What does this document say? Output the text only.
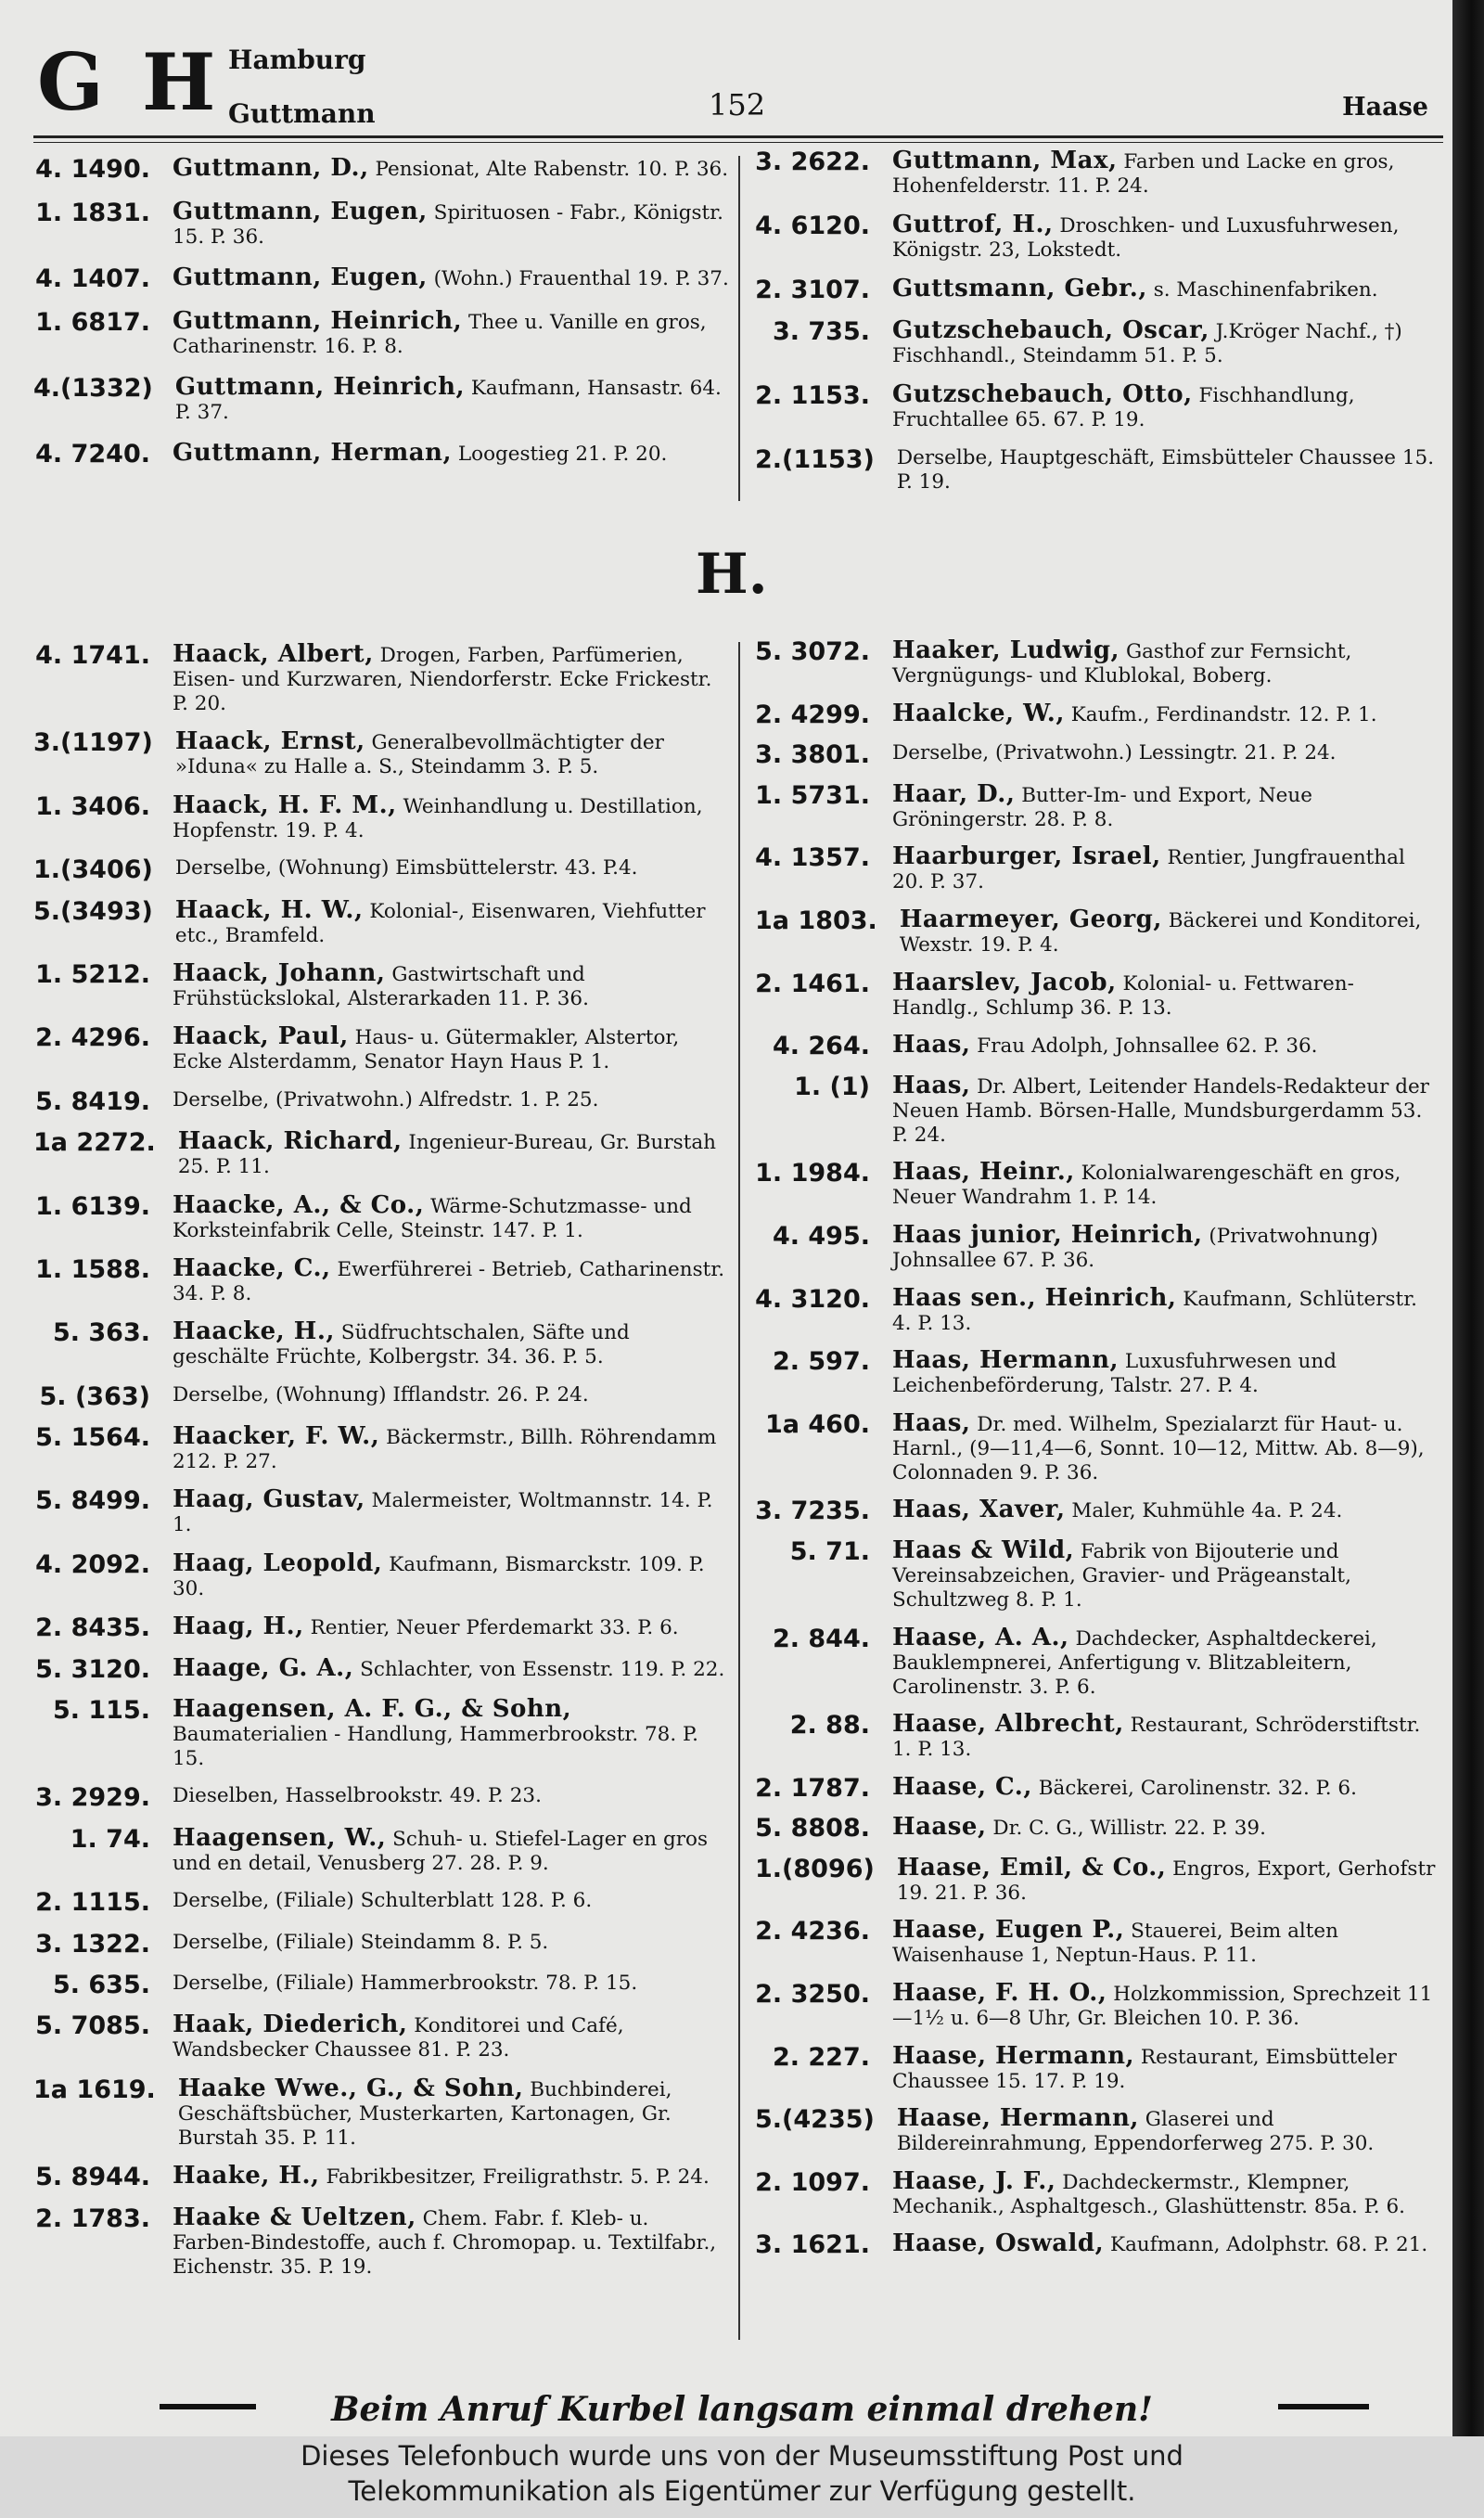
G H Hamburg
Guttmann	152	Haase
4. 1490. Guttmann, D., Pensionat, Alte Rabenstr. 10. P. 36.
1. 1831. Guttmann, Eugen, Spirituosen - Fabr., Königstr. 15. P. 36.
4. 1407. Guttmann, Eugen, (Wohn.) Frauenthal 19. P. 37.
1. 6817. Guttmann, Heinrich, Thee u. Vanille en gros, Catharinenstr. 16. P. 8.
4.(1332) Guttmann, Heinrich, Kaufmann, Hansastr. 64. P. 37.
4. 7240. Guttmann, Herman, Loogestieg 21. P. 20.
3. 2622. Guttmann, Max, Farben und Lacke en gros, Hohenfelderstr. 11. P. 24.
4. 6120. Guttrof, H., Droschken- und Luxusfuhrwesen, Königstr. 23, Lokstedt.
2. 3107. Guttsmann, Gebr., s. Maschinenfabriken.
3. 735. Gutzschebauch, Oscar, J.Kröger Nachf., †) Fischhandl., Steindamm 51. P. 5.
2. 1153. Gutzschebauch, Otto, Fischhandlung, Fruchtallee 65. 67. P. 19.
2.(1153)	Derselbe, Hauptgeschäft, Eimsbütteler Chaussee 15. P. 19.
H.
4. 1741. Haack, Albert, Drogen, Farben, Parfümerien, Eisen- und Kurzwaren, Niendorferstr. Ecke Frickestr. P. 20.
3.(1197) Haack, Ernst, Generalbevollmächtigter der »Iduna« zu Halle a. S., Steindamm 3. P. 5.
1. 3406. Haack, H. F. M., Weinhandlung u. Destillation, Hopfenstr. 19. P. 4.
1.(3406)	Derselbe, (Wohnung) Eimsbüttelerstr. 43. P.4.
5.(3493) Haack, H. W., Kolonial-, Eisenwaren, Viehfutter etc., Bramfeld.
1. 5212. Haack, Johann, Gastwirtschaft und Frühstückslokal, Alsterarkaden 11. P. 36.
2. 4296. Haack, Paul, Haus- u. Gütermakler, Alstertor, Ecke Alsterdamm, Senator Hayn Haus P. 1.
5. 8419.	Derselbe, (Privatwohn.) Alfredstr. 1. P. 25.
1a 2272. Haack, Richard, Ingenieur-Bureau, Gr. Burstah 25. P. 11.
1. 6139. Haacke, A., & Co., Wärme-Schutzmasse- und Korksteinfabrik Celle, Steinstr. 147. P. 1.
1. 1588. Haacke, C., Ewerführerei - Betrieb, Catharinenstr. 34. P. 8.
5. 363. Haacke, H., Südfruchtschalen, Säfte und geschälte Früchte, Kolbergstr. 34. 36. P. 5.
5. (363)	Derselbe, (Wohnung) Ifflandstr. 26. P. 24.
5. 1564. Haacker, F. W., Bäckermstr., Billh. Röhrendamm 212. P. 27.
5. 8499. Haag, Gustav, Malermeister, Woltmannstr. 14. P. 1.
4. 2092. Haag, Leopold, Kaufmann, Bismarckstr. 109. P. 30.
2. 8435. Haag, H., Rentier, Neuer Pferdemarkt 33. P. 6.
5. 3120. Haage, G. A., Schlachter, von Essenstr. 119. P. 22.
5. 115. Haagensen, A. F. G., & Sohn, Baumaterialien - Handlung, Hammerbrookstr. 78. P. 15.
3. 2929.	Dieselben, Hasselbrookstr. 49. P. 23.
1. 74. Haagensen, W., Schuh- u. Stiefel-Lager en gros und en detail, Venusberg 27. 28. P. 9.
2. 1115.	Derselbe, (Filiale) Schulterblatt 128. P. 6.
3. 1322.	Derselbe, (Filiale) Steindamm 8. P. 5.
5. 635.	Derselbe, (Filiale) Hammerbrookstr. 78. P. 15.
5. 7085. Haak, Diederich, Konditorei und Café, Wandsbecker Chaussee 81. P. 23.
1a 1619. Haake Wwe., G., & Sohn, Buchbinderei, Geschäftsbücher, Musterkarten, Kartonagen, Gr. Burstah 35. P. 11.
5. 8944. Haake, H., Fabrikbesitzer, Freiligrathstr. 5. P. 24.
2. 1783. Haake & Ueltzen, Chem. Fabr. f. Kleb- u. Farben-Bindestoffe, auch f. Chromopap. u. Textilfabr., Eichenstr. 35. P. 19.
5. 3072. Haaker, Ludwig, Gasthof zur Fernsicht, Vergnügungs- und Klublokal, Boberg.
2. 4299. Haalcke, W., Kaufm., Ferdinandstr. 12. P. 1.
3. 3801.	Derselbe, (Privatwohn.) Lessingtr. 21. P. 24.
1. 5731. Haar, D., Butter-Im- und Export, Neue Gröningerstr. 28. P. 8.
4. 1357. Haarburger, Israel, Rentier, Jungfrauenthal 20. P. 37.
1a 1803. Haarmeyer, Georg, Bäckerei und Konditorei, Wexstr. 19. P. 4.
2. 1461. Haarslev, Jacob, Kolonial- u. Fettwaren-Handlg., Schlump 36. P. 13.
4. 264. Haas, Frau Adolph, Johnsallee 62. P. 36.
1. (1) Haas, Dr. Albert, Leitender Handels-Redakteur der Neuen Hamb. Börsen-Halle, Mundsburgerdamm 53. P. 24.
1. 1984. Haas, Heinr., Kolonialwarengeschäft en gros, Neuer Wandrahm 1. P. 14.
4. 495. Haas junior, Heinrich, (Privatwohnung) Johnsallee 67. P. 36.
4. 3120. Haas sen., Heinrich, Kaufmann, Schlüterstr. 4. P. 13.
2. 597. Haas, Hermann, Luxusfuhrwesen und Leichenbeförderung, Talstr. 27. P. 4.
1a 460. Haas, Dr. med. Wilhelm, Spezialarzt für Haut- u. Harnl., (9—11,4—6, Sonnt. 10—12, Mittw. Ab. 8—9), Colonnaden 9. P. 36.
3. 7235. Haas, Xaver, Maler, Kuhmühle 4a. P. 24.
5. 71. Haas & Wild, Fabrik von Bijouterie und Vereinsabzeichen, Gravier- und Prägeanstalt, Schultzweg 8. P. 1.
2. 844. Haase, A. A., Dachdecker, Asphaltdeckerei, Bauklempnerei, Anfertigung v. Blitzableitern, Carolinenstr. 3. P. 6.
2. 88. Haase, Albrecht, Restaurant, Schröderstiftstr. 1. P. 13.
2. 1787. Haase, C., Bäckerei, Carolinenstr. 32. P. 6.
5. 8808. Haase, Dr. C. G., Willistr. 22. P. 39.
1.(8096) Haase, Emil, & Co., Engros, Export, Gerhofstr 19. 21. P. 36.
2. 4236. Haase, Eugen P., Stauerei, Beim alten Waisenhause 1, Neptun-Haus. P. 11.
2. 3250. Haase, F. H. O., Holzkommission, Sprechzeit 11—1½ u. 6—8 Uhr, Gr. Bleichen 10. P. 36.
2. 227. Haase, Hermann, Restaurant, Eimsbütteler Chaussee 15. 17. P. 19.
5.(4235) Haase, Hermann, Glaserei und Bildereinrahmung, Eppendorferweg 275. P. 30.
2. 1097. Haase, J. F., Dachdeckermstr., Klempner, Mechanik., Asphaltgesch., Glashüttenstr. 85a. P. 6.
3. 1621. Haase, Oswald, Kaufmann, Adolphstr. 68. P. 21.
Beim Anruf Kurbel langsam einmal drehen!
Dieses Telefonbuch wurde uns von der Museumsstiftung Post und
Telekommunikation als Eigentümer zur Verfügung gestellt.
